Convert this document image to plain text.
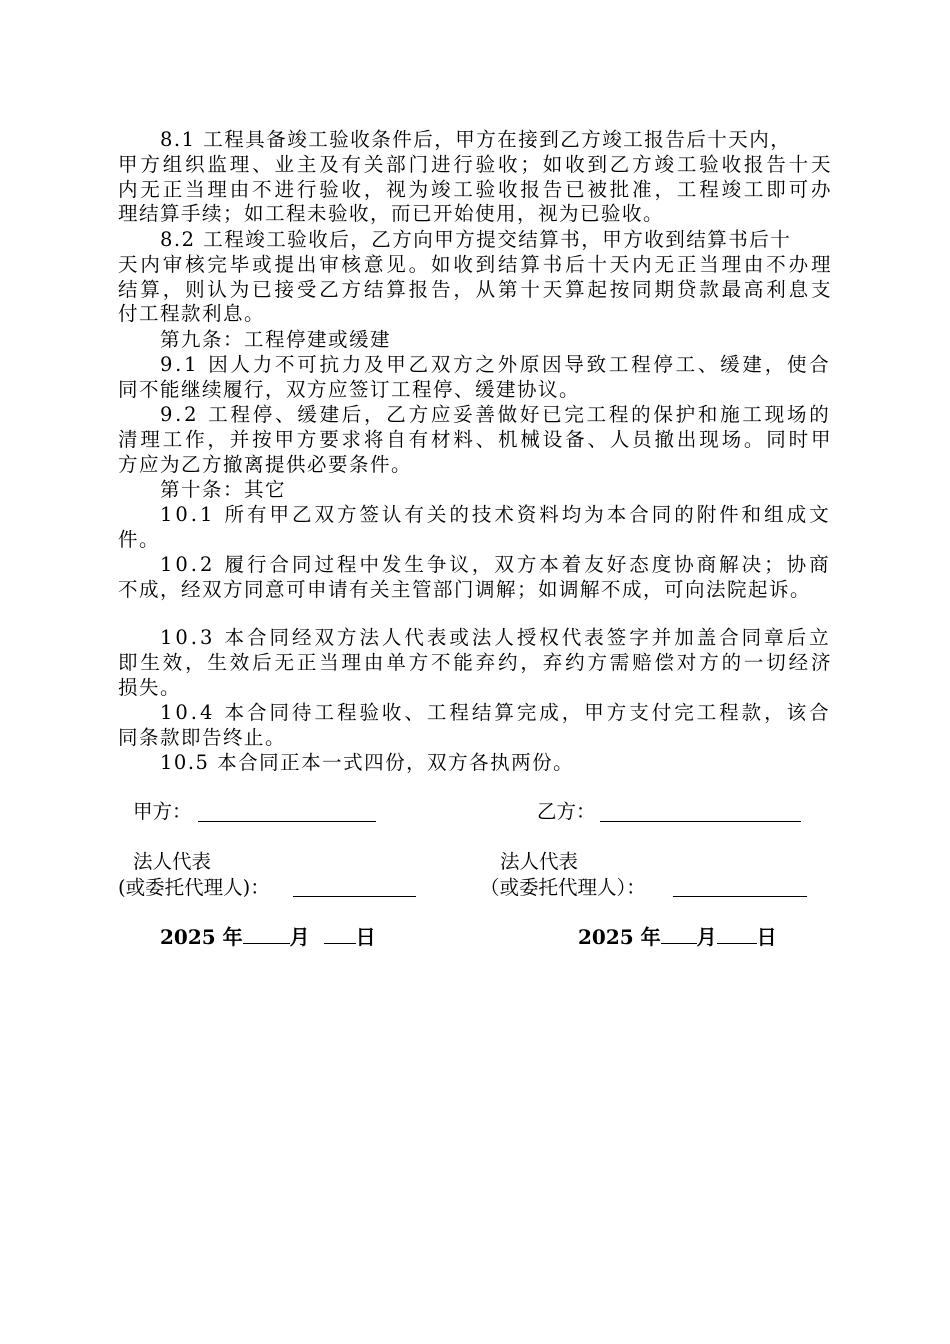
8.1 工程具备竣工验收条件后，甲方在接到乙方竣工报告后十天内，
甲方组织监理、业主及有关部门进行验收；如收到乙方竣工验收报告十天
内无正当理由不进行验收，视为竣工验收报告已被批准，工程竣工即可办
理结算手续；如工程未验收，而已开始使用，视为已验收。
8.2 工程竣工验收后，乙方向甲方提交结算书，甲方收到结算书后十
天内审核完毕或提出审核意见。如收到结算书后十天内无正当理由不办理
结算，则认为已接受乙方结算报告，从第十天算起按同期贷款最高利息支
付工程款利息。
第九条：工程停建或缓建
9.1 因人力不可抗力及甲乙双方之外原因导致工程停工、缓建，使合
同不能继续履行，双方应签订工程停、缓建协议。
9.2 工程停、缓建后，乙方应妥善做好已完工程的保护和施工现场的
清理工作，并按甲方要求将自有材料、机械设备、人员撤出现场。同时甲
方应为乙方撤离提供必要条件。
第十条：其它
10.1 所有甲乙双方签认有关的技术资料均为本合同的附件和组成文
件。
10.2 履行合同过程中发生争议，双方本着友好态度协商解决；协商
不成，经双方同意可申请有关主管部门调解；如调解不成，可向法院起诉。
10.3 本合同经双方法人代表或法人授权代表签字并加盖合同章后立
即生效，生效后无正当理由单方不能弃约，弃约方需赔偿对方的一切经济
损失。
10.4 本合同待工程验收、工程结算完成，甲方支付完工程款，该合
同条款即告终止。
10.5 本合同正本一式四份，双方各执两份。
甲方：	乙方：
法人代表
(或委托代理人)：
法人代表
（或委托代理人）：
2025 年 月 日	2025 年 月 日
